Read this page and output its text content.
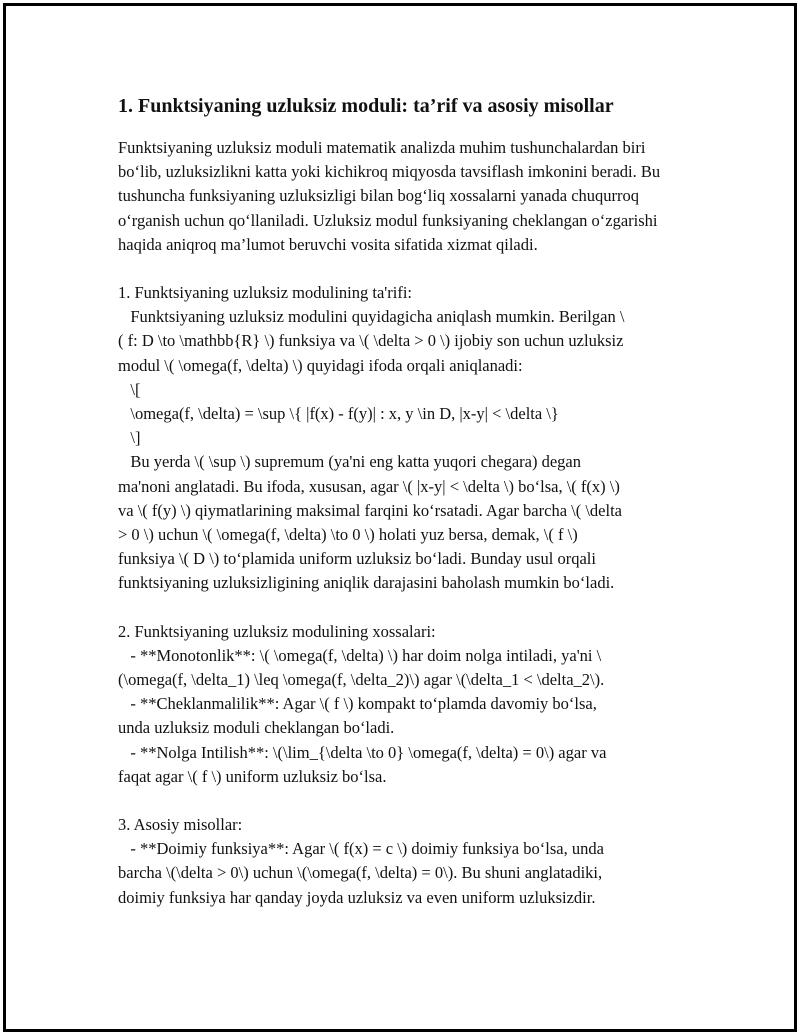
1. Funktsiyaning uzluksiz moduli: ta’rif va asosiy misollar

Funktsiyaning uzluksiz moduli matematik analizda muhim tushunchalardan biri bo‘lib, uzluksizlikni katta yoki kichikroq miqyosda tavsiflash imkonini beradi. Bu tushuncha funksiyaning uzluksizligi bilan bog‘liq xossalarni yanada chuqurroq o‘rganish uchun qo‘llaniladi. Uzluksiz modul funksiyaning cheklangan o‘zgarishi haqida aniqroq ma’lumot beruvchi vosita sifatida xizmat qiladi.

1. Funktsiyaning uzluksiz modulining ta'rifi:
Funktsiyaning uzluksiz modulini quyidagicha aniqlash mumkin. Berilgan \
( f: D \to \mathbb{R} \) funksiya va \( \delta > 0 \) ijobiy son uchun uzluksiz
modul \( \omega(f, \delta) \) quyidagi ifoda orqali aniqlanadi:
\[
\omega(f, \delta) = \sup \{ |f(x) - f(y)| : x, y \in D, |x-y| < \delta \}
\]
Bu yerda \( \sup \) supremum (ya'ni eng katta yuqori chegara) degan
ma'noni anglatadi. Bu ifoda, xususan, agar \( |x-y| < \delta \) bo‘lsa, \( f(x) \)
va \( f(y) \) qiymatlarining maksimal farqini ko‘rsatadi. Agar barcha \( \delta
> 0 \) uchun \( \omega(f, \delta) \to 0 \) holati yuz bersa, demak, \( f \)
funksiya \( D \) to‘plamida uniform uzluksiz bo‘ladi. Bunday usul orqali
funktsiyaning uzluksizligining aniqlik darajasini baholash mumkin bo‘ladi.
2. Funktsiyaning uzluksiz modulining xossalari:
- **Monotonlik**: \( \omega(f, \delta) \) har doim nolga intiladi, ya'ni \
(\omega(f, \delta_1) \leq \omega(f, \delta_2)\) agar \(\delta_1 < \delta_2\).
- **Cheklanmalilik**: Agar \( f \) kompakt to‘plamda davomiy bo‘lsa,
unda uzluksiz moduli cheklangan bo‘ladi.
- **Nolga Intilish**: \(\lim_{\delta \to 0} \omega(f, \delta) = 0\) agar va
faqat agar \( f \) uniform uzluksiz bo‘lsa.
3. Asosiy misollar:
- **Doimiy funksiya**: Agar \( f(x) = c \) doimiy funksiya bo‘lsa, unda
barcha \(\delta > 0\) uchun \(\omega(f, \delta) = 0\). Bu shuni anglatadiki,
doimiy funksiya har qanday joyda uzluksiz va even uniform uzluksizdir.
